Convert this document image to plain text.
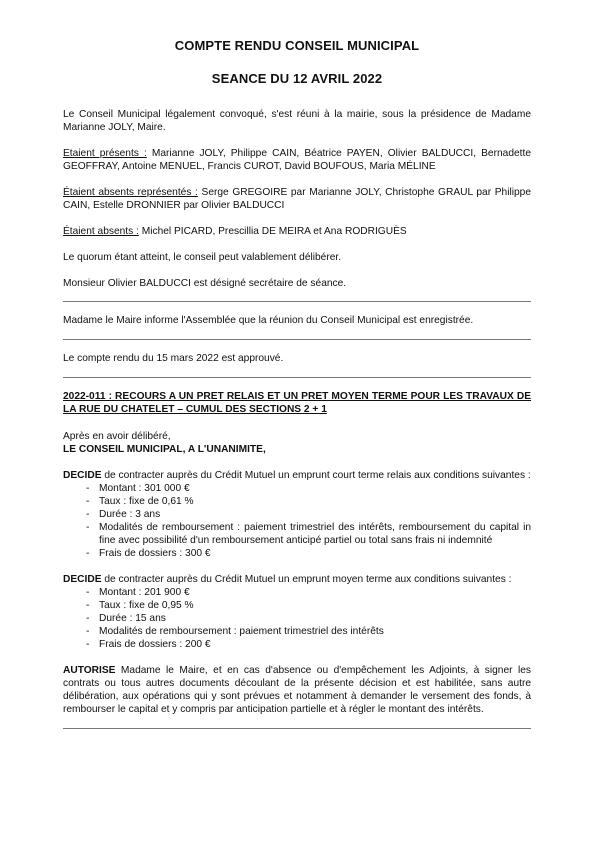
COMPTE RENDU CONSEIL MUNICIPAL
SEANCE DU 12 AVRIL 2022

Le Conseil Municipal légalement convoqué, s'est réuni à la mairie, sous la présidence de Madame Marianne JOLY, Maire.

Etaient présents : Marianne JOLY, Philippe CAIN, Béatrice PAYEN, Olivier BALDUCCI, Bernadette GEOFFRAY, Antoine MENUEL, Francis CUROT, David BOUFOUS, Maria MÉLINE

Étaient absents représentés : Serge GREGOIRE par Marianne JOLY, Christophe GRAUL par Philippe CAIN, Estelle DRONNIER par Olivier BALDUCCI

Étaient absents : Michel PICARD, Prescillia DE MEIRA et Ana RODRIGUÈS

Le quorum étant atteint, le conseil peut valablement délibérer.

Monsieur Olivier BALDUCCI est désigné secrétaire de séance.

Madame le Maire informe l'Assemblée que la réunion du Conseil Municipal est enregistrée.

Le compte rendu du 15 mars 2022 est approuvé.

2022-011 : RECOURS A UN PRET RELAIS ET UN PRET MOYEN TERME POUR LES TRAVAUX DE LA RUE DU CHATELET – CUMUL DES SECTIONS 2 + 1

Après en avoir délibéré,

LE CONSEIL MUNICIPAL, A L'UNANIMITE,

DECIDE de contracter auprès du Crédit Mutuel un emprunt court terme relais aux conditions suivantes :

- Montant : 301 000 €
- Taux : fixe de 0,61 %
- Durée : 3 ans
- Modalités de remboursement : paiement trimestriel des intérêts, remboursement du capital in fine avec possibilité d'un remboursement anticipé partiel ou total sans frais ni indemnité
- Frais de dossiers : 300 €

DECIDE de contracter auprès du Crédit Mutuel un emprunt moyen terme aux conditions suivantes :

- Montant : 201 900 €
- Taux : fixe de 0,95 %
- Durée : 15 ans
- Modalités de remboursement : paiement trimestriel des intérêts
- Frais de dossiers : 200 €

AUTORISE Madame le Maire, et en cas d'absence ou d'empêchement les Adjoints, à signer les contrats ou tous autres documents découlant de la présente décision et est habilitée, sans autre délibération, aux opérations qui y sont prévues et notamment à demander le versement des fonds, à rembourser le capital et y compris par anticipation partielle et à régler le montant des intérêts.
